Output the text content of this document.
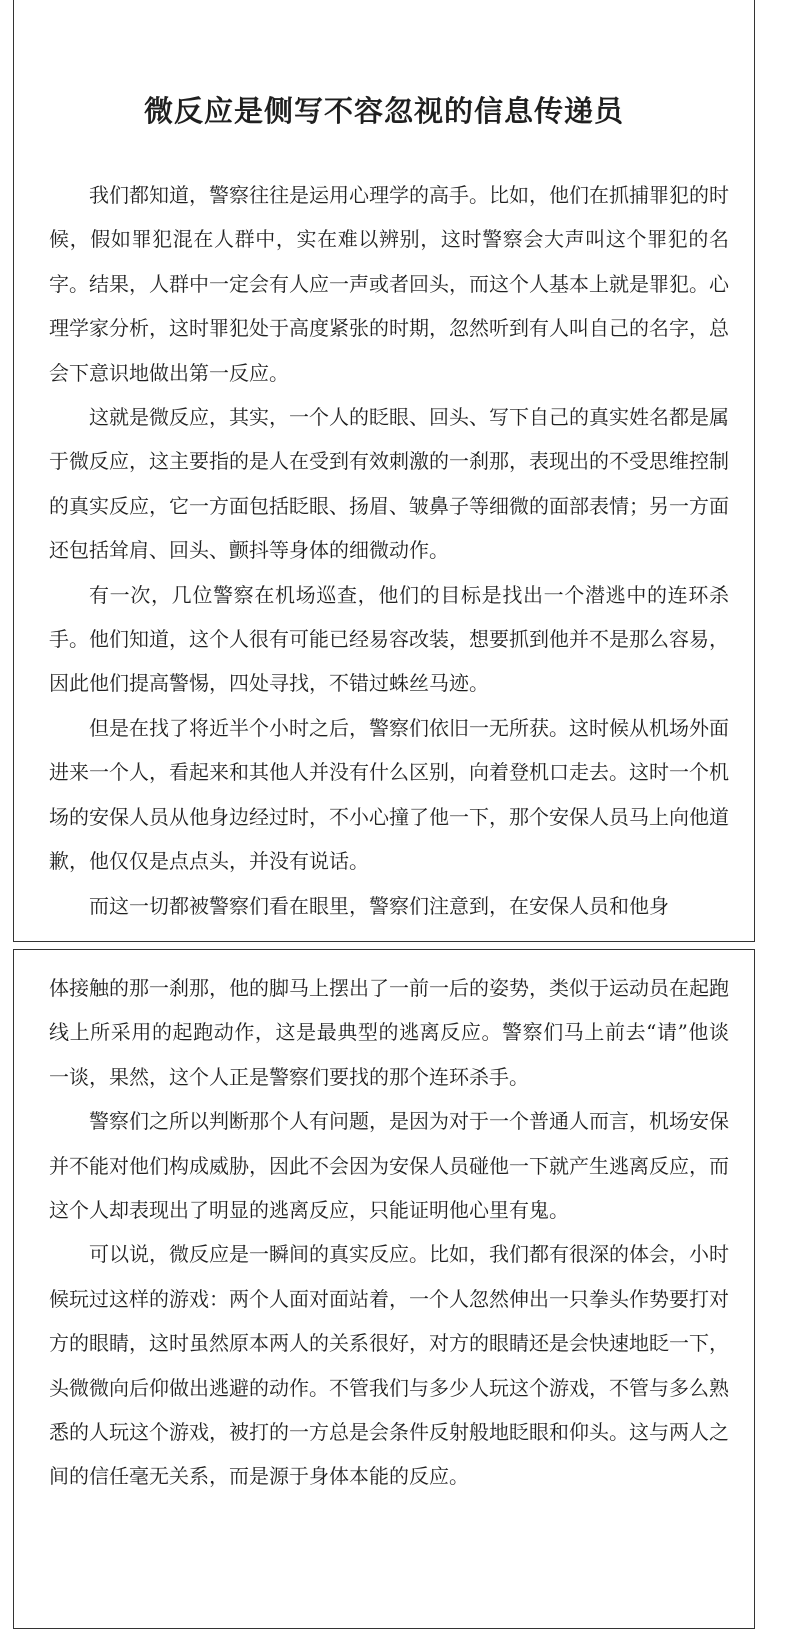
微反应是侧写不容忽视的信息传递员

我们都知道，警察往往是运用心理学的高手。比如，他们在抓捕罪犯的时候，假如罪犯混在人群中，实在难以辨别，这时警察会大声叫这个罪犯的名字。结果，人群中一定会有人应一声或者回头，而这个人基本上就是罪犯。心理学家分析，这时罪犯处于高度紧张的时期，忽然听到有人叫自己的名字，总会下意识地做出第一反应。

这就是微反应，其实，一个人的眨眼、回头、写下自己的真实姓名都是属于微反应，这主要指的是人在受到有效刺激的一刹那，表现出的不受思维控制的真实反应，它一方面包括眨眼、扬眉、皱鼻子等细微的面部表情；另一方面还包括耸肩、回头、颤抖等身体的细微动作。

有一次，几位警察在机场巡查，他们的目标是找出一个潜逃中的连环杀手。他们知道，这个人很有可能已经易容改装，想要抓到他并不是那么容易，因此他们提高警惕，四处寻找，不错过蛛丝马迹。

但是在找了将近半个小时之后，警察们依旧一无所获。这时候从机场外面进来一个人，看起来和其他人并没有什么区别，向着登机口走去。这时一个机场的安保人员从他身边经过时，不小心撞了他一下，那个安保人员马上向他道歉，他仅仅是点点头，并没有说话。

而这一切都被警察们看在眼里，警察们注意到，在安保人员和他身

体接触的那一刹那，他的脚马上摆出了一前一后的姿势，类似于运动员在起跑线上所采用的起跑动作，这是最典型的逃离反应。警察们马上前去“请”他谈一谈，果然，这个人正是警察们要找的那个连环杀手。

警察们之所以判断那个人有问题，是因为对于一个普通人而言，机场安保并不能对他们构成威胁，因此不会因为安保人员碰他一下就产生逃离反应，而这个人却表现出了明显的逃离反应，只能证明他心里有鬼。

可以说，微反应是一瞬间的真实反应。比如，我们都有很深的体会，小时候玩过这样的游戏：两个人面对面站着，一个人忽然伸出一只拳头作势要打对方的眼睛，这时虽然原本两人的关系很好，对方的眼睛还是会快速地眨一下，头微微向后仰做出逃避的动作。不管我们与多少人玩这个游戏，不管与多么熟悉的人玩这个游戏，被打的一方总是会条件反射般地眨眼和仰头。这与两人之间的信任毫无关系，而是源于身体本能的反应。
